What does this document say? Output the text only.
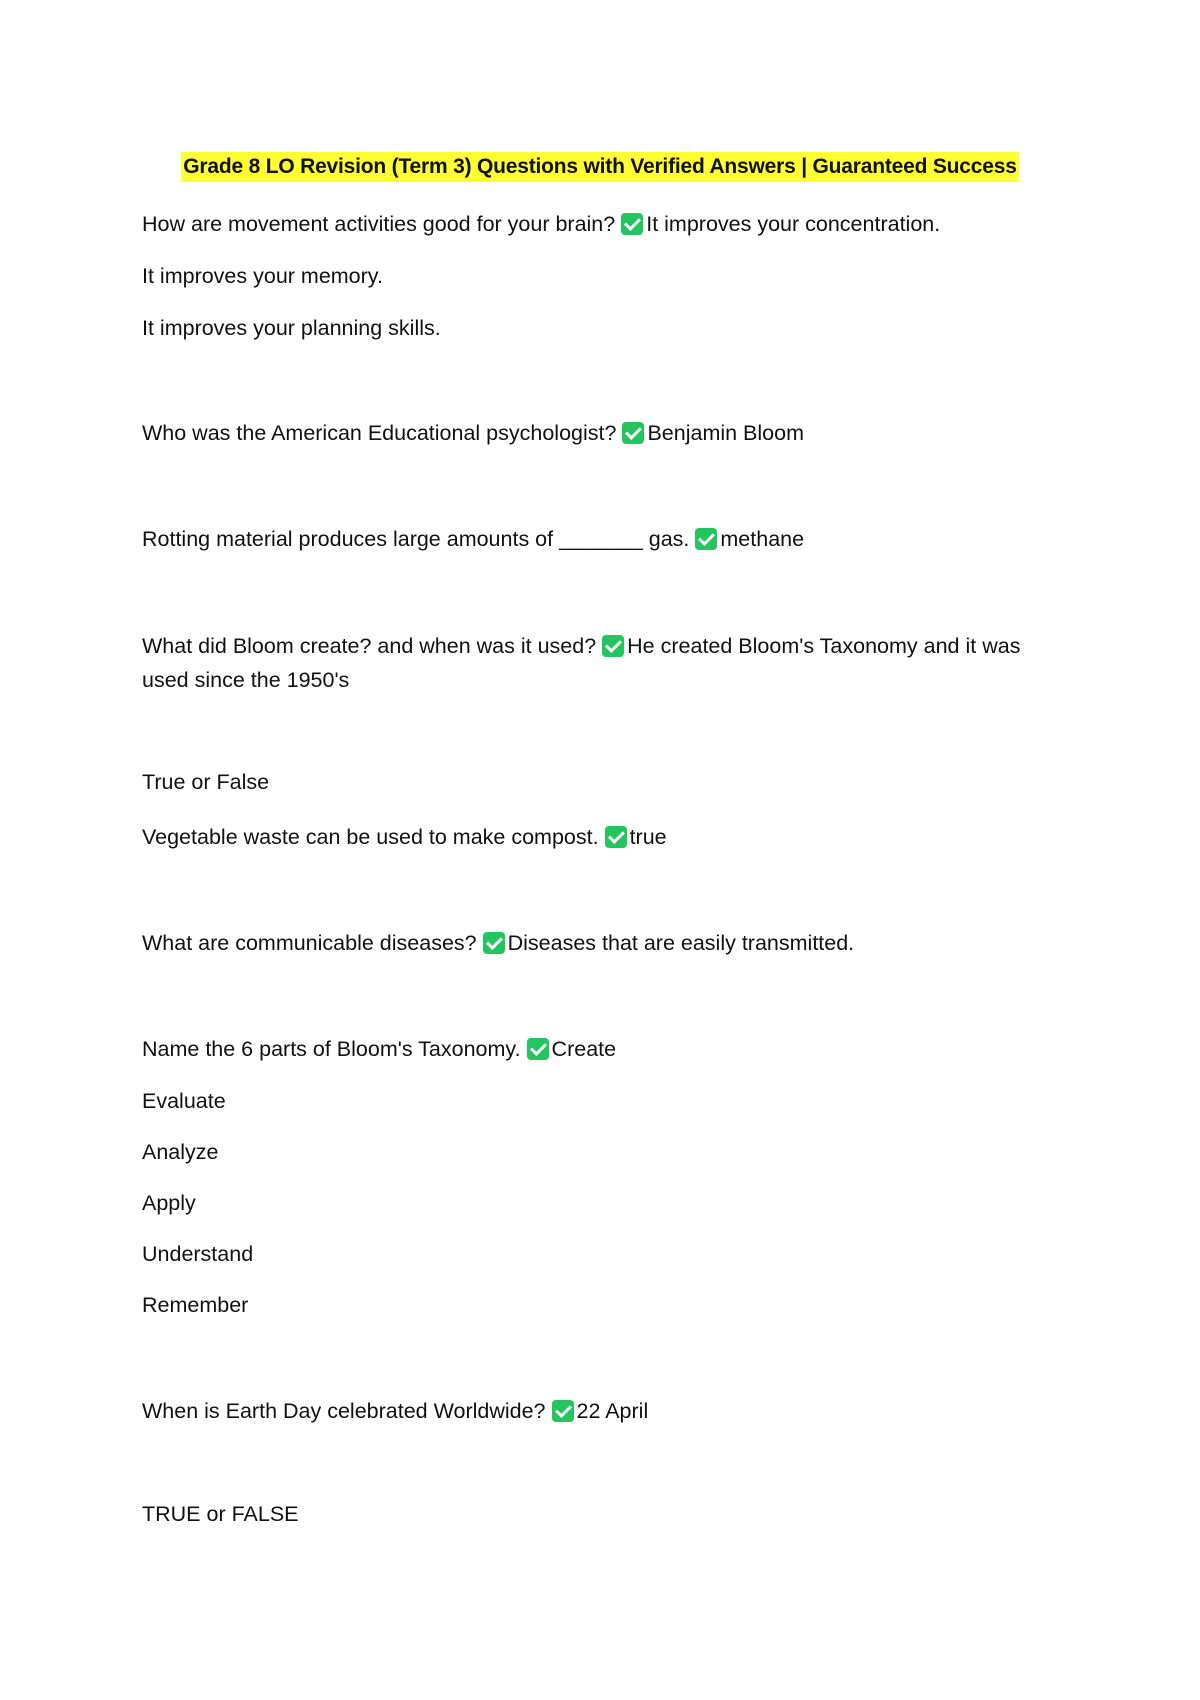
Grade 8 LO Revision (Term 3) Questions with Verified Answers | Guaranteed Success
How are movement activities good for your brain? It improves your concentration.
It improves your memory.
It improves your planning skills.
Who was the American Educational psychologist? Benjamin Bloom
Rotting material produces large amounts of _______ gas. methane
What did Bloom create? and when was it used? He created Bloom's Taxonomy and it was used since the 1950's
True or False
Vegetable waste can be used to make compost. true
What are communicable diseases? Diseases that are easily transmitted.
Name the 6 parts of Bloom's Taxonomy. Create
Evaluate
Analyze
Apply
Understand
Remember
When is Earth Day celebrated Worldwide? 22 April
TRUE or FALSE
